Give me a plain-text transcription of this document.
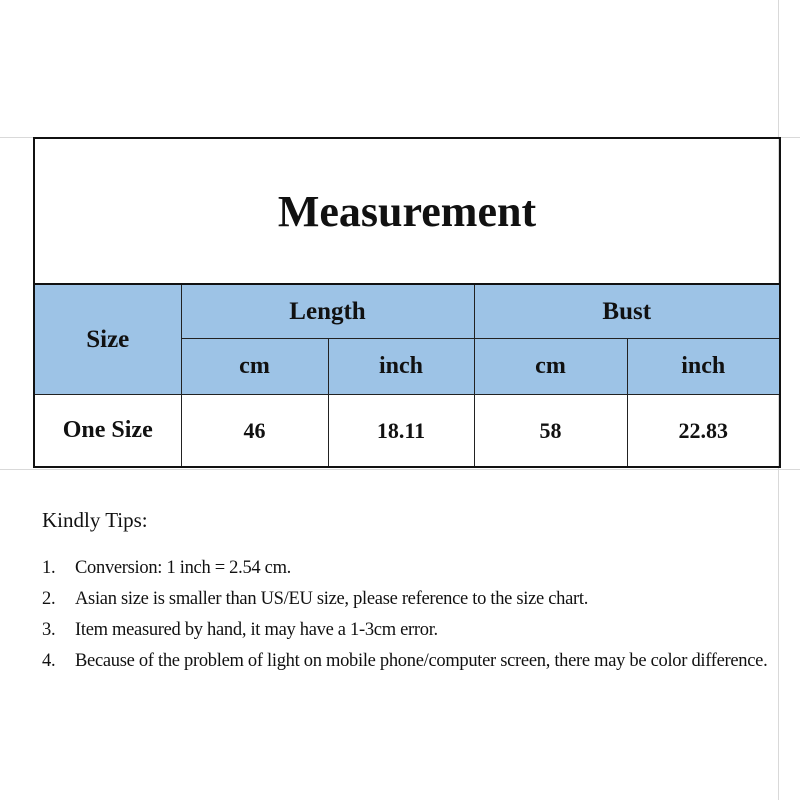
Measurement				
Size	Length		Bust	
	cm	inch	cm	inch
One Size	46	18.11	58	22.83
Kindly Tips:
1. Conversion: 1 inch = 2.54 cm.
2. Asian size is smaller than US/EU size, please reference to the size chart.
3. Item measured by hand, it may have a 1-3cm error.
4. Because of the problem of light on mobile phone/computer screen, there may be color difference.
